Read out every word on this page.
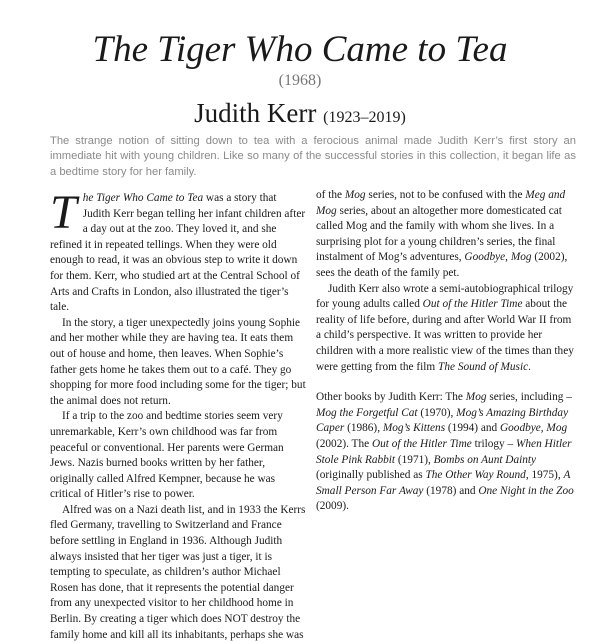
The Tiger Who Came to Tea
(1968)
Judith Kerr (1923–2019)

The strange notion of sitting down to tea with a ferocious animal made Judith Kerr’s first story an immediate hit with young children. Like so many of the successful stories in this collection, it began life as a bedtime story for her family.

The Tiger Who Came to Tea was a story that Judith Kerr began telling her infant children after a day out at the zoo. They loved it, and she refined it in repeated tellings. When they were old enough to read, it was an obvious step to write it down for them. Kerr, who studied art at the Central School of Arts and Crafts in London, also illustrated the tiger’s tale.

In the story, a tiger unexpectedly joins young Sophie and her mother while they are having tea. It eats them out of house and home, then leaves. When Sophie’s father gets home he takes them out to a café. They go shopping for more food including some for the tiger; but the animal does not return.

If a trip to the zoo and bedtime stories seem very unremarkable, Kerr’s own childhood was far from peaceful or conventional. Her parents were German Jews. Nazis burned books written by her father, originally called Alfred Kempner, because he was critical of Hitler’s rise to power.

Alfred was on a Nazi death list, and in 1933 the Kerrs fled Germany, travelling to Switzerland and France before settling in England in 1936. Although Judith always insisted that her tiger was just a tiger, it is tempting to speculate, as children’s author Michael Rosen has done, that it represents the potential danger from any unexpected visitor to her childhood home in Berlin. By creating a tiger which does NOT destroy the family home and kill all its inhabitants, perhaps she was

of the Mog series, not to be confused with the Meg and Mog series, about an altogether more domesticated cat called Mog and the family with whom she lives. In a surprising plot for a young children’s series, the final instalment of Mog’s adventures, Goodbye, Mog (2002), sees the death of the family pet.

Judith Kerr also wrote a semi-autobiographical trilogy for young adults called Out of the Hitler Time about the reality of life before, during and after World War II from a child’s perspective. It was written to provide her children with a more realistic view of the times than they were getting from the film The Sound of Music.

Other books by Judith Kerr: The Mog series, including – Mog the Forgetful Cat (1970), Mog’s Amazing Birthday Caper (1986), Mog’s Kittens (1994) and Goodbye, Mog (2002). The Out of the Hitler Time trilogy – When Hitler Stole Pink Rabbit (1971), Bombs on Aunt Dainty (originally published as The Other Way Round, 1975), A Small Person Far Away (1978) and One Night in the Zoo (2009).
